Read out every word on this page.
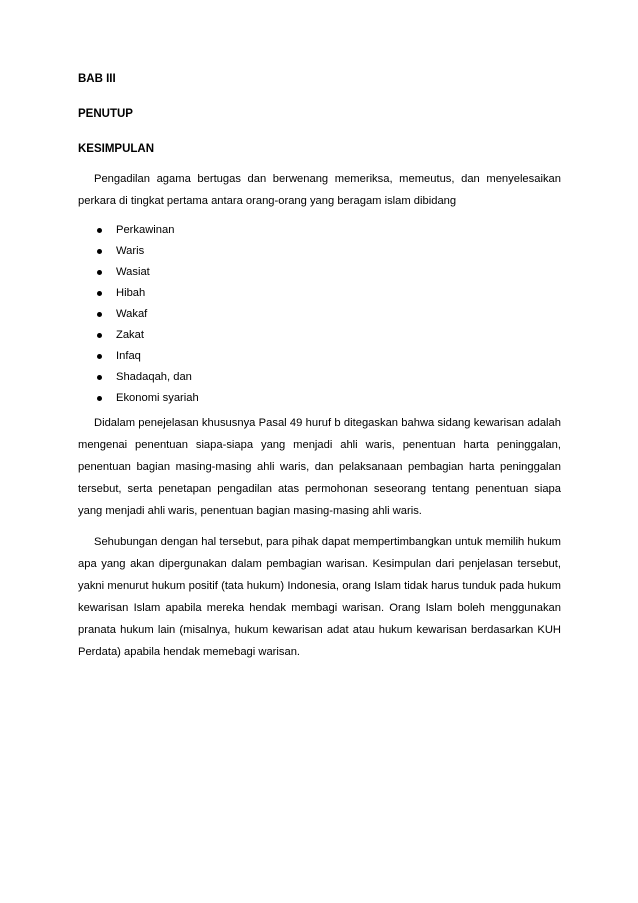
BAB III

PENUTUP

KESIMPULAN

Pengadilan agama bertugas dan berwenang memeriksa, memeutus, dan menyelesaikan perkara di tingkat pertama antara orang-orang yang beragam islam dibidang

Perkawinan
Waris
Wasiat
Hibah
Wakaf
Zakat
Infaq
Shadaqah, dan
Ekonomi syariah

Didalam penejelasan khususnya Pasal 49 huruf b ditegaskan bahwa sidang kewarisan adalah mengenai penentuan siapa-siapa yang menjadi ahli waris, penentuan harta peninggalan, penentuan bagian masing-masing ahli waris, dan pelaksanaan pembagian harta peninggalan tersebut, serta penetapan pengadilan atas permohonan seseorang tentang penentuan siapa yang menjadi ahli waris, penentuan bagian masing-masing ahli waris.

Sehubungan dengan hal tersebut, para pihak dapat mempertimbangkan untuk memilih hukum apa yang akan dipergunakan dalam pembagian warisan. Kesimpulan dari penjelasan tersebut, yakni menurut hukum positif (tata hukum) Indonesia, orang Islam tidak harus tunduk pada hukum kewarisan Islam apabila mereka hendak membagi warisan. Orang Islam boleh menggunakan pranata hukum lain (misalnya, hukum kewarisan adat atau hukum kewarisan berdasarkan KUH Perdata) apabila hendak memebagi warisan.
